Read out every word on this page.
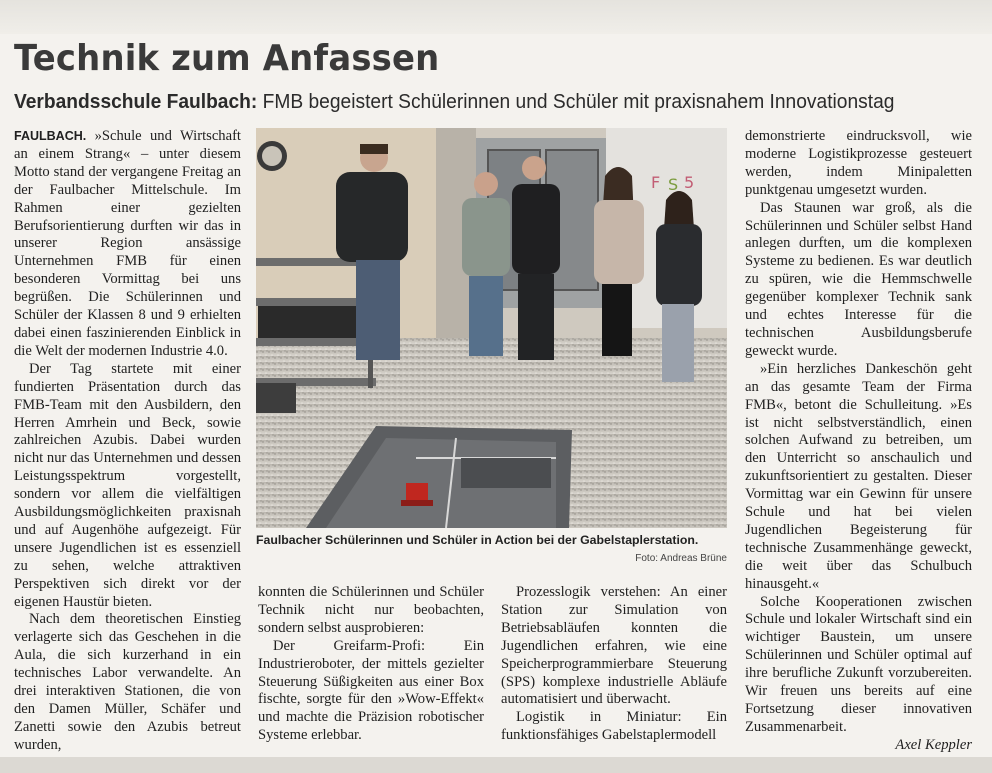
Technik zum Anfassen
Verbandsschule Faulbach: FMB begeistert Schülerinnen und Schüler mit praxisnahem Innovationstag

FAULBACH. »Schule und Wirtschaft an einem Strang« – unter diesem Motto stand der vergangene Freitag an der Faulbacher Mittelschule. Im Rahmen einer gezielten Berufsorientierung durften wir das in unserer Region ansässige Unternehmen FMB für einen besonderen Vormittag bei uns begrüßen. Die Schülerinnen und Schüler der Klassen 8 und 9 erhielten dabei einen faszinierenden Einblick in die Welt der modernen Industrie 4.0.

Der Tag startete mit einer fundierten Präsentation durch das FMB-Team mit den Ausbildern, den Herren Amrhein und Beck, sowie zahlreichen Azubis. Dabei wurden nicht nur das Unternehmen und dessen Leistungsspektrum vorgestellt, sondern vor allem die vielfältigen Ausbildungsmöglichkeiten praxisnah und auf Augenhöhe aufgezeigt. Für unsere Jugendlichen ist es essenziell zu sehen, welche attraktiven Perspektiven sich direkt vor der eigenen Haustür bieten.

Nach dem theoretischen Einstieg verlagerte sich das Geschehen in die Aula, die sich kurzerhand in ein technisches Labor verwandelte. An drei interaktiven Stationen, die von den Damen Müller, Schäfer und Zanetti sowie den Azubis betreut wurden,

F S 5
Faulbacher Schülerinnen und Schüler in Action bei der Gabelstaplerstation.
Foto: Andreas Brüne

konnten die Schülerinnen und Schüler Technik nicht nur beobachten, sondern selbst ausprobieren:

Der Greifarm-Profi: Ein Industrieroboter, der mittels gezielter Steuerung Süßigkeiten aus einer Box fischte, sorgte für den »Wow-Effekt« und machte die Präzision robotischer Systeme erlebbar.

Prozesslogik verstehen: An einer Station zur Simulation von Betriebsabläufen konnten die Jugendlichen erfahren, wie eine Speicherprogrammierbare Steuerung (SPS) komplexe industrielle Abläufe automatisiert und überwacht.

Logistik in Miniatur: Ein funktionsfähiges Gabelstaplermodell

demonstrierte eindrucksvoll, wie moderne Logistikprozesse gesteuert werden, indem Minipaletten punktgenau umgesetzt wurden.

Das Staunen war groß, als die Schülerinnen und Schüler selbst Hand anlegen durften, um die komplexen Systeme zu bedienen. Es war deutlich zu spüren, wie die Hemmschwelle gegenüber komplexer Technik sank und echtes Interesse für die technischen Ausbildungsberufe geweckt wurde.

»Ein herzliches Dankeschön geht an das gesamte Team der Firma FMB«, betont die Schulleitung. »Es ist nicht selbstverständlich, einen solchen Aufwand zu betreiben, um den Unterricht so anschaulich und zukunftsorientiert zu gestalten. Dieser Vormittag war ein Gewinn für unsere Schule und hat bei vielen Jugendlichen Begeisterung für technische Zusammenhänge geweckt, die weit über das Schulbuch hinausgeht.«

Solche Kooperationen zwischen Schule und lokaler Wirtschaft sind ein wichtiger Baustein, um unsere Schülerinnen und Schüler optimal auf ihre berufliche Zukunft vorzubereiten. Wir freuen uns bereits auf eine Fortsetzung dieser innovativen Zusammenarbeit.

Axel Keppler
